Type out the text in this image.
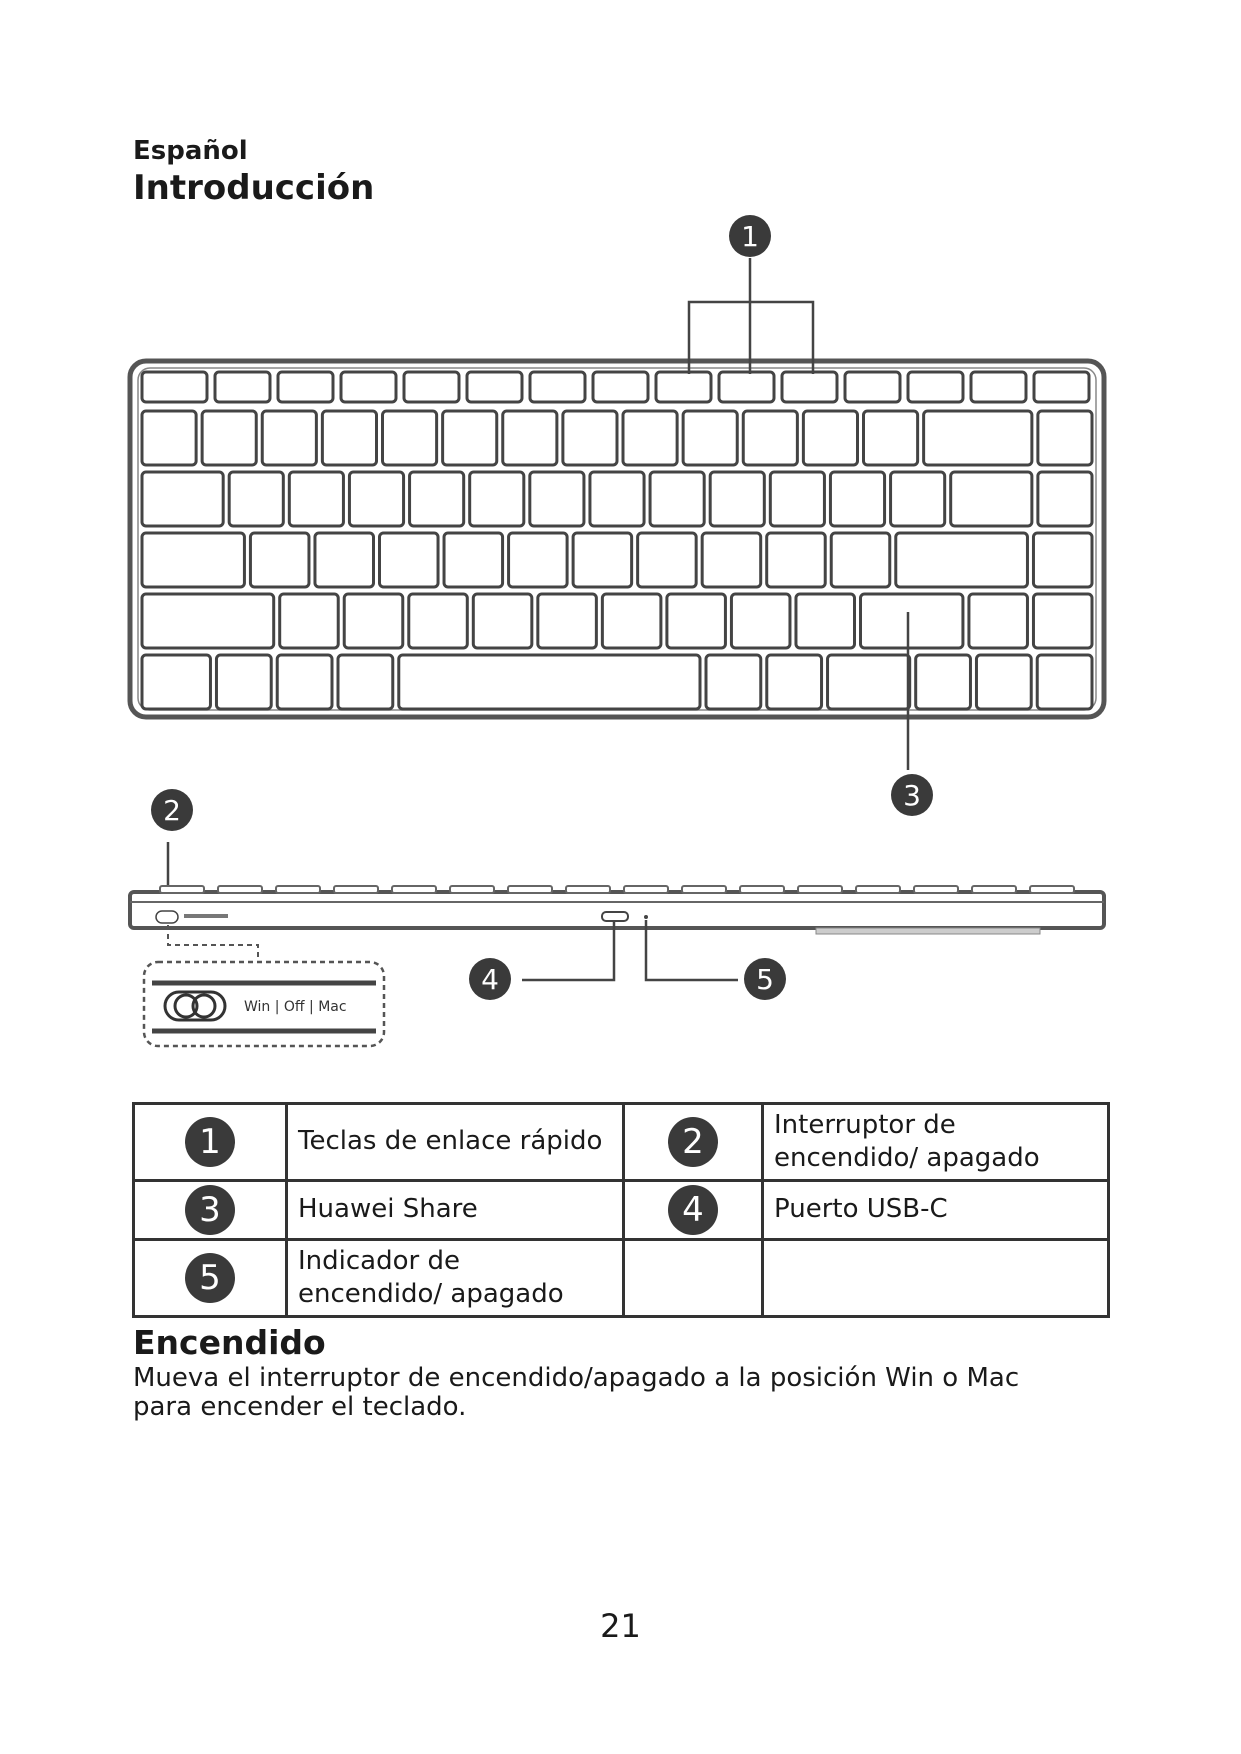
Español
Introducción
1
3
2
Win | Off | Mac
4	5
1	Teclas de enlace rápido	2	Interruptor de encendido/ apagado
3	Huawei Share	4	Puerto USB-C
5	Indicador de encendido/ apagado		
Encendido
Mueva el interruptor de encendido/apagado a la posición Win o Mac para encender el teclado.
21
